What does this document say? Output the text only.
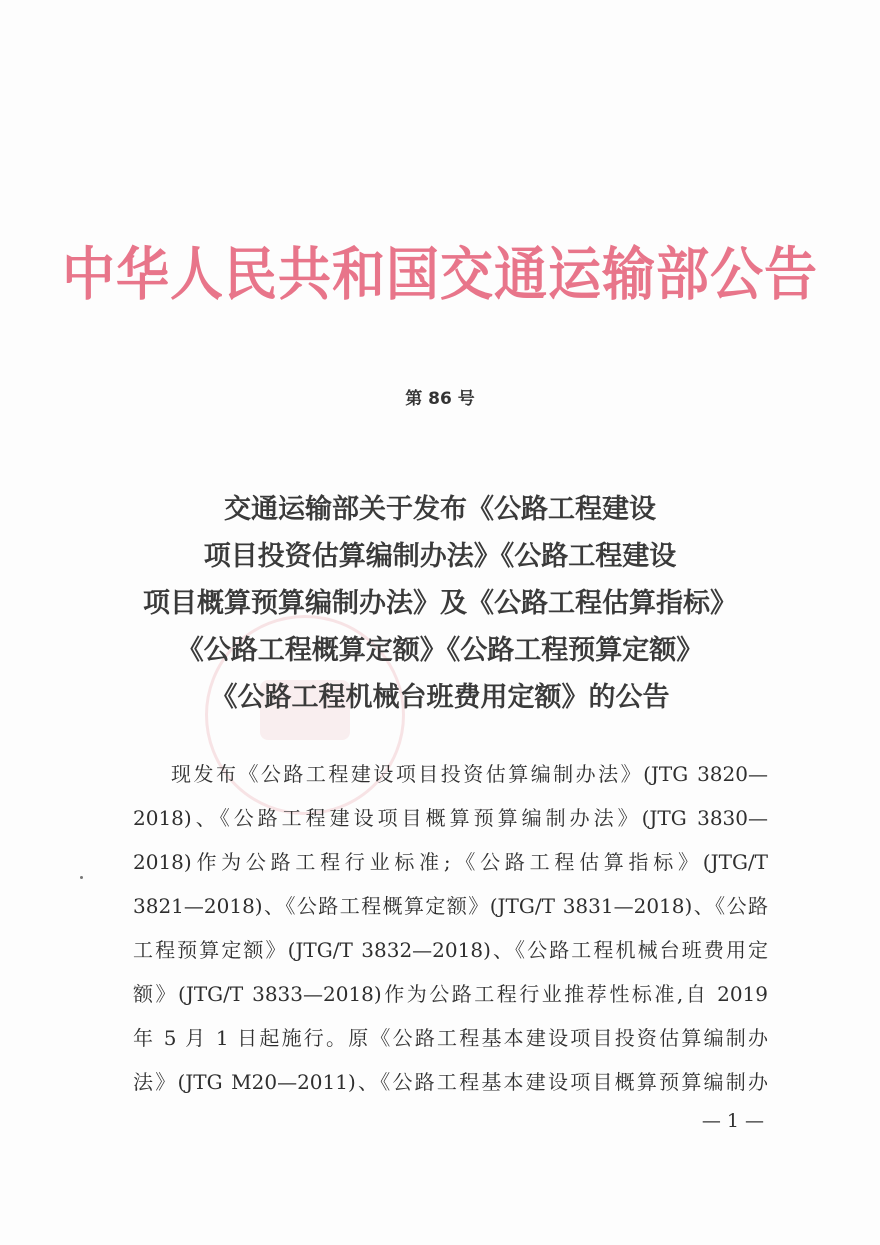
中华人民共和国交通运输部公告
第 86 号
交通运输部关于发布《公路工程建设
项目投资估算编制办法》《公路工程建设
项目概算预算编制办法》及《公路工程估算指标》
《公路工程概算定额》《公路工程预算定额》
《公路工程机械台班费用定额》的公告
现发布《公路工程建设项目投资估算编制办法》(JTG 3820—
2018)、《公路工程建设项目概算预算编制办法》(JTG 3830—
2018)作为公路工程行业标准;《公路工程估算指标》(JTG/T
3821—2018)、《公路工程概算定额》(JTG/T 3831—2018)、《公路
工程预算定额》(JTG/T 3832—2018)、《公路工程机械台班费用定
额》(JTG/T 3833—2018)作为公路工程行业推荐性标准,自 2019
年 5 月 1 日起施行。原《公路工程基本建设项目投资估算编制办
法》(JTG M20—2011)、《公路工程基本建设项目概算预算编制办
— 1 —
